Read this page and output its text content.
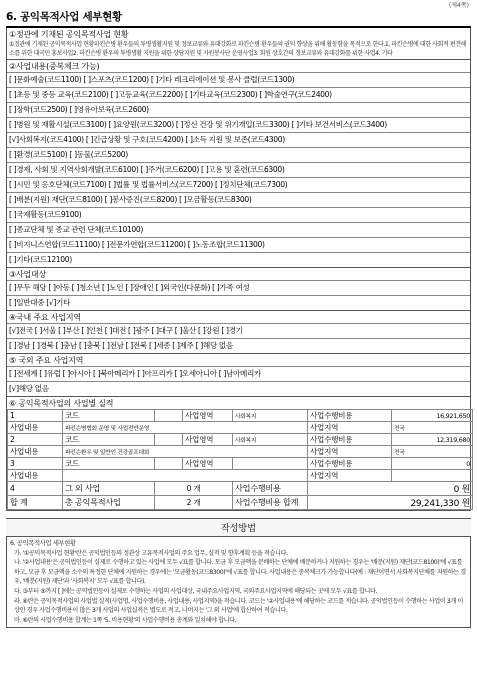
(제4쪽)
6. 공익목적사업 세부현황
①정관에 기재된 공익목적사업 현황
①정관에 기재된 공익목적사업 현황파킨슨병 환우들의 투병생활지원 및 정보교류와 유대강화로 파킨슨병 환우들의 권익 향상을 위해 활동함을 목적으로 한다.1. 파킨슨병에 대한 사회적 편견해소를 위한 대국민 홍보사업2. 파킨슨병 환우의 투병생활 지원을 위한 상담지원 및 자원봉사단 운영사업3. 회원 상호간의 정보교류와 유대강화를 위한 사업4. 기타
②사업내용(중복체크 가능)
[ ]문화예술(코드1100) [ ]스포츠(코드1200) [ ]기타 레크리에이션 및 봉사 클럽(코드1300)
[ ]초등 및 중등 교육(코드2100) [ ]고등교육(코드2200) [ ]기타교육(코드2300) [ ]학술연구(코드2400)
[ ]장학(코드2500) [ ]영유아보육(코드2600)
[ ]병원 및 재활시설(코드3100) [ ]요양원(코드3200) [ ]정신 건강 및 위기개입(코드3300) [ ]기타 보건서비스(코드3400)
[√]사회복지(코드4100) [ ]긴급상황 및 구호(코드4200) [ ]소득 지원 및 보존(코드4300)
[ ]환경(코드5100) [ ]동물(코드5200)
[ ]경제, 사회 및 지역사회개발(코드6100) [ ]주거(코드6200) [ ]고용 및 훈련(코드6300)
[ ]시민 및 옹호단체(코드7100) [ ]법률 및 법률서비스(코드7200) [ ]정치단체(코드7300)
[ ]배분(지원) 재단(코드8100) [ ]봉사증진(코드8200) [ ]모금활동(코드8300)
[ ]국제활동(코드9100)
[ ]종교단체 및 종교 관련 단체(코드10100)
[ ]비지니스연합(코드11100) [ ]전문가연합(코드11200) [ ]노동조합(코드11300)
[ ]기타(코드12100)
③사업대상
[ ]무두 해당 [ ]아동 [ ]청소년 [ ]노인 [ ]장애인 [ ]외국인(다문화) [ ]가족 여성
[ ]일반대중 [√]기타
④국내 주요 사업지역
[√]전국 [ ]서울 [ ]부산 [ ]인천 [ ]대전 [ ]광주 [ ]대구 [ ]울산 [ ]강원 [ ]경기
[ ]경남 [ ]경북 [ ]충남 [ ]충북 [ ]전남 [ ]전북 [ ]세종 [ ]제주 [ ]해당 없음
⑤ 국외 주요 사업지역
[ ]전세계 [ ]유럽 [ ]아시아 [ ]북아메리카 [ ]아프리카 [ ]오세아니아 [ ]남아메리카
[√]해당 없음
⑥ 공익목적사업의 사업별 실적
1	코드		사업영역	사회복지	사업수행비용	16,921,650
사업내용	파킨슨병협회 운영 및 사업전반운영				사업지역	전국
2	코드		사업영역	사회복지	사업수행비용	12,319,680
사업내용	파킨슨환우 및 일반인 건강골프대회				사업지역	전국
3	코드		사업영역		사업수행비용	0
사업내용					사업지역	
4	그 외 사업	0 개		사업수행비용	0 원	
합 계	총 공익목적사업	2 개		사업수행비용 합계	29,241,330 원	
작성방법

6. 공익목적사업 세부현황

가. '①공익목적사업 현황'란은 공익법인등의 정관상 고유목적사업의 주요 업무, 실적 및 향후계획 등을 적습니다.

나. '②사업내용'은 공익법인등이 실제로 수행하고 있는 사업에 모두 √표를 합니다. 모금 후 모금액을 분배하는 단체에 배분하거나 지원하는 경우는 '배분(지원) 재단(코드8100)'에 √표를 하고, 모금 후 모금액을 소수의 특정한 단체에 지원하는 경우에는 '모금활동(코드8300)'에 √표를 합니다. 사업내용은 중복체크가 가능합니다(예 : 재단이면서 사회복지단체를 지원하는 경우, '배분(지원) 재단'과 '사회복지' 모두 √표를 합니다).

다. ③부터 ⑤까지 [ ]에는 공익법인등이 실제로 수행하는 사업의 사업대상, 국내주요사업지역, 국외주요사업지역에 해당되는 곳에 모두 √표를 합니다.

라. ⑥란은 공익목적사업의 사업별 실적(사업명, 사업수행비용, 사업내용, 사업지역)을 적습니다. 코드는 '②사업내용'에 해당하는 코드를 적습니다. 공익법인등이 수행하는 사업이 3개 이상인 경우 사업수행비용이 많은 3개 사업의 사업실적은 별도로 적고, 나머지는 '그 외 사업'에 합산하여 적습니다.

마. ⑥란의 사업수행비용 합계는 1쪽 '5. 비용현황'의 사업수행비용 총계와 일치해야 합니다.
